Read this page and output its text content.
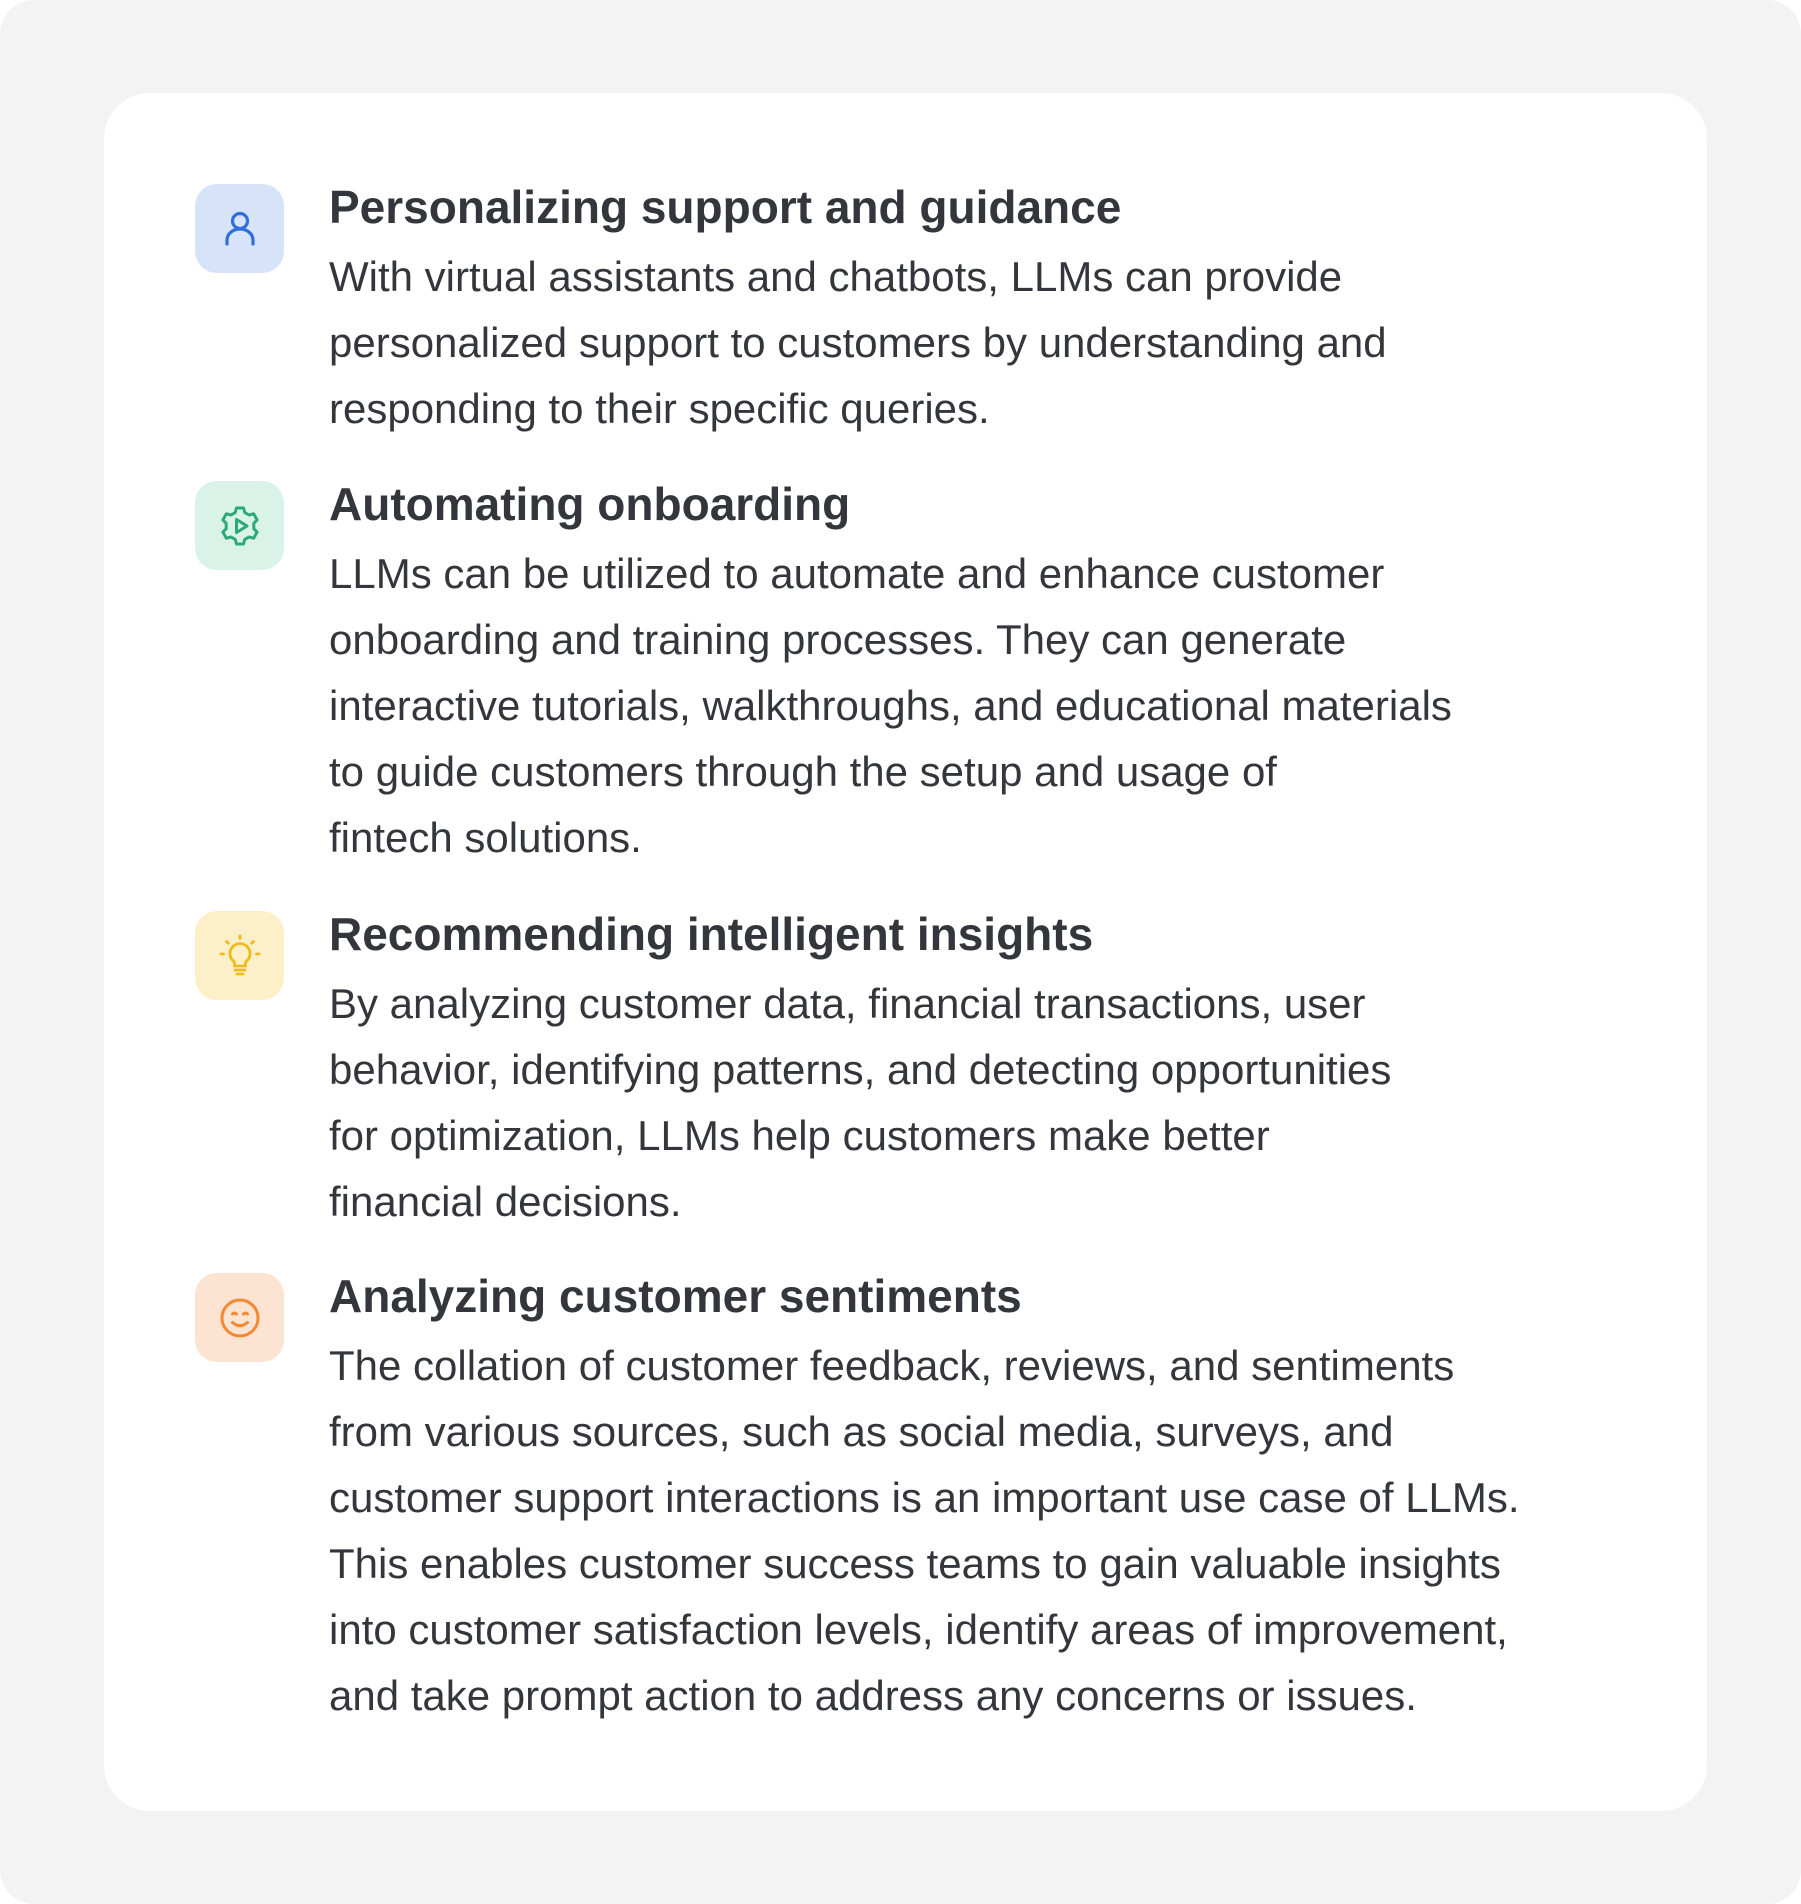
Personalizing support and guidance
With virtual assistants and chatbots, LLMs can provide
personalized support to customers by understanding and
responding to their specific queries.
Automating onboarding
LLMs can be utilized to automate and enhance customer
onboarding and training processes. They can generate
interactive tutorials, walkthroughs, and educational materials
to guide customers through the setup and usage of
fintech solutions.
Recommending intelligent insights
By analyzing customer data, financial transactions, user
behavior, identifying patterns, and detecting opportunities
for optimization, LLMs help customers make better
financial decisions.
Analyzing customer sentiments
The collation of customer feedback, reviews, and sentiments
from various sources, such as social media, surveys, and
customer support interactions is an important use case of LLMs.
This enables customer success teams to gain valuable insights
into customer satisfaction levels, identify areas of improvement,
and take prompt action to address any concerns or issues.
